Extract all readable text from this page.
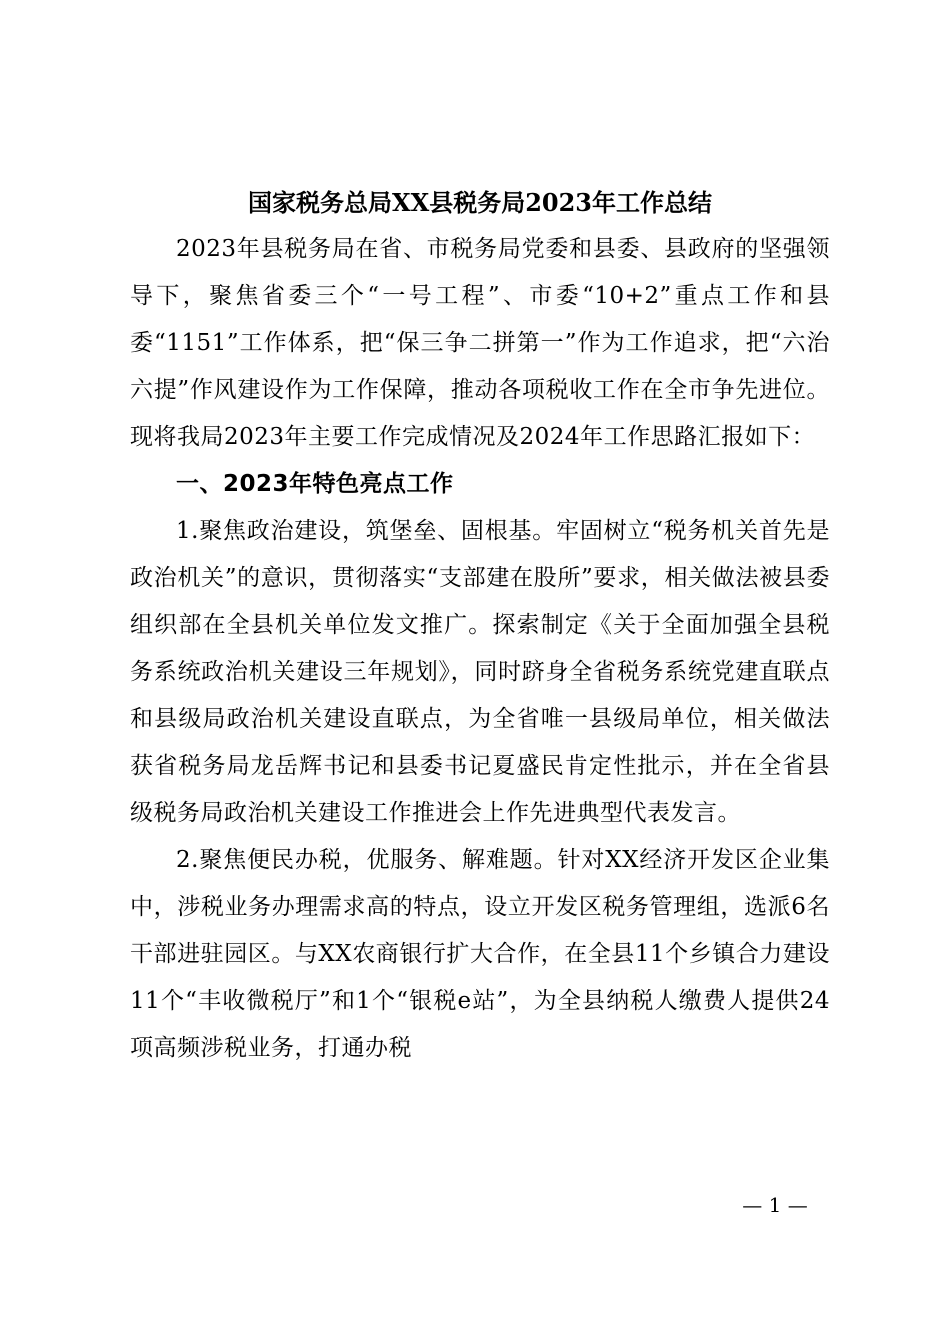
国家税务总局XX县税务局2023年工作总结

2023年县税务局在省、市税务局党委和县委、县政府的坚强领导下，聚焦省委三个“一号工程”、市委“10+2”重点工作和县委“1151”工作体系，把“保三争二拼第一”作为工作追求，把“六治六提”作风建设作为工作保障，推动各项税收工作在全市争先进位。现将我局2023年主要工作完成情况及2024年工作思路汇报如下：

一、2023年特色亮点工作

1.聚焦政治建设，筑堡垒、固根基。牢固树立“税务机关首先是政治机关”的意识，贯彻落实“支部建在股所”要求，相关做法被县委组织部在全县机关单位发文推广。探索制定《关于全面加强全县税务系统政治机关建设三年规划》，同时跻身全省税务系统党建直联点和县级局政治机关建设直联点，为全省唯一县级局单位，相关做法获省税务局龙岳辉书记和县委书记夏盛民肯定性批示，并在全省县级税务局政治机关建设工作推进会上作先进典型代表发言。

2.聚焦便民办税，优服务、解难题。针对XX经济开发区企业集中，涉税业务办理需求高的特点，设立开发区税务管理组，选派6名干部进驻园区。与XX农商银行扩大合作，在全县11个乡镇合力建设11个“丰收微税厅”和1个“银税e站”，为全县纳税人缴费人提供24项高频涉税业务，打通办税

— 1 —
